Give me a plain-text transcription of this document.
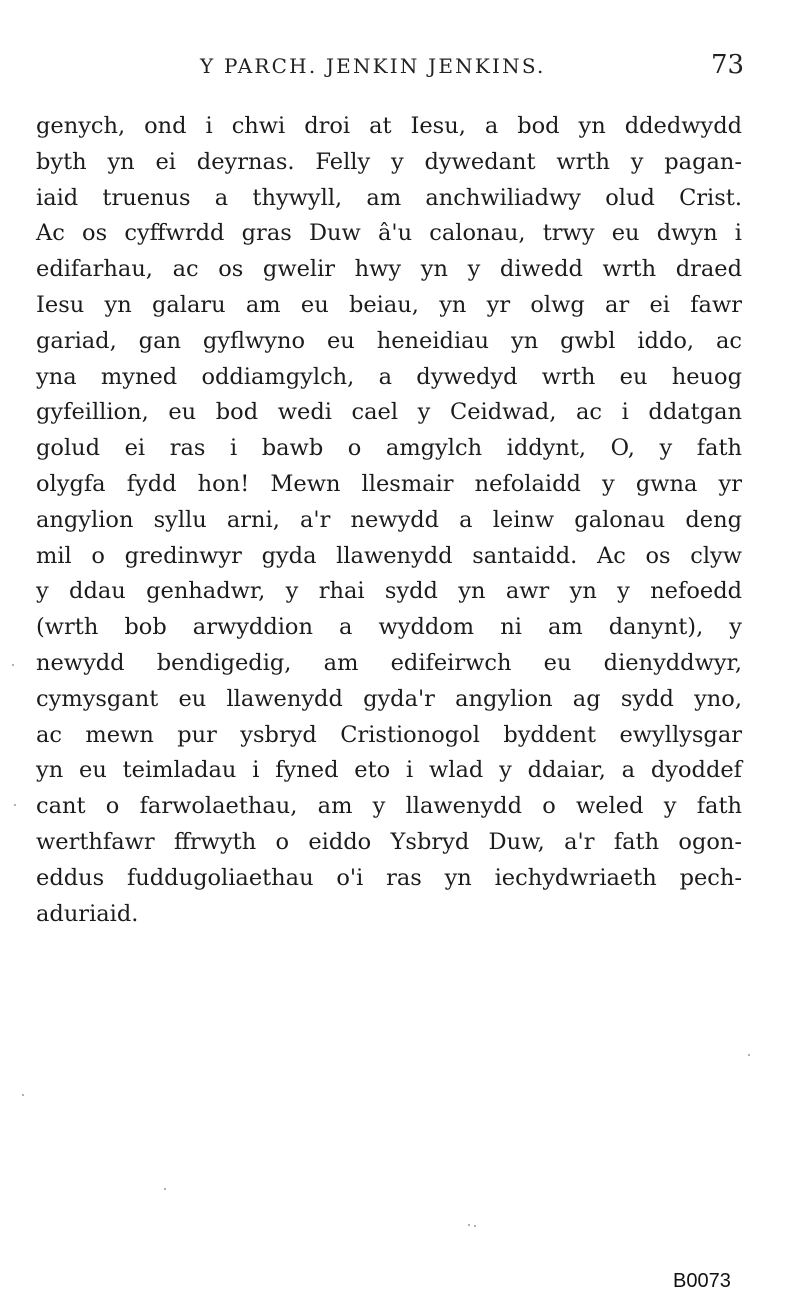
Y PARCH. JENKIN JENKINS.	73
genych, ond i chwi droi at Iesu, a bod yn ddedwydd
byth yn ei deyrnas. Felly y dywedant wrth y pagan-
iaid truenus a thywyll, am anchwiliadwy olud Crist.
Ac os cyffwrdd gras Duw â'u calonau, trwy eu dwyn i
edifarhau, ac os gwelir hwy yn y diwedd wrth draed
Iesu yn galaru am eu beiau, yn yr olwg ar ei fawr
gariad, gan gyflwyno eu heneidiau yn gwbl iddo, ac
yna myned oddiamgylch, a dywedyd wrth eu heuog
gyfeillion, eu bod wedi cael y Ceidwad, ac i ddatgan
golud ei ras i bawb o amgylch iddynt, O, y fath
olygfa fydd hon! Mewn llesmair nefolaidd y gwna yr
angylion syllu arni, a'r newydd a leinw galonau deng
mil o gredinwyr gyda llawenydd santaidd. Ac os clyw
y ddau genhadwr, y rhai sydd yn awr yn y nefoedd
(wrth bob arwyddion a wyddom ni am danynt), y
newydd bendigedig, am edifeirwch eu dienyddwyr,
cymysgant eu llawenydd gyda'r angylion ag sydd yno,
ac mewn pur ysbryd Cristionogol byddent ewyllysgar
yn eu teimladau i fyned eto i wlad y ddaiar, a dyoddef
cant o farwolaethau, am y llawenydd o weled y fath
werthfawr ffrwyth o eiddo Ysbryd Duw, a'r fath ogon-
eddus fuddugoliaethau o'i ras yn iechydwriaeth pech-
aduriaid.
B0073
